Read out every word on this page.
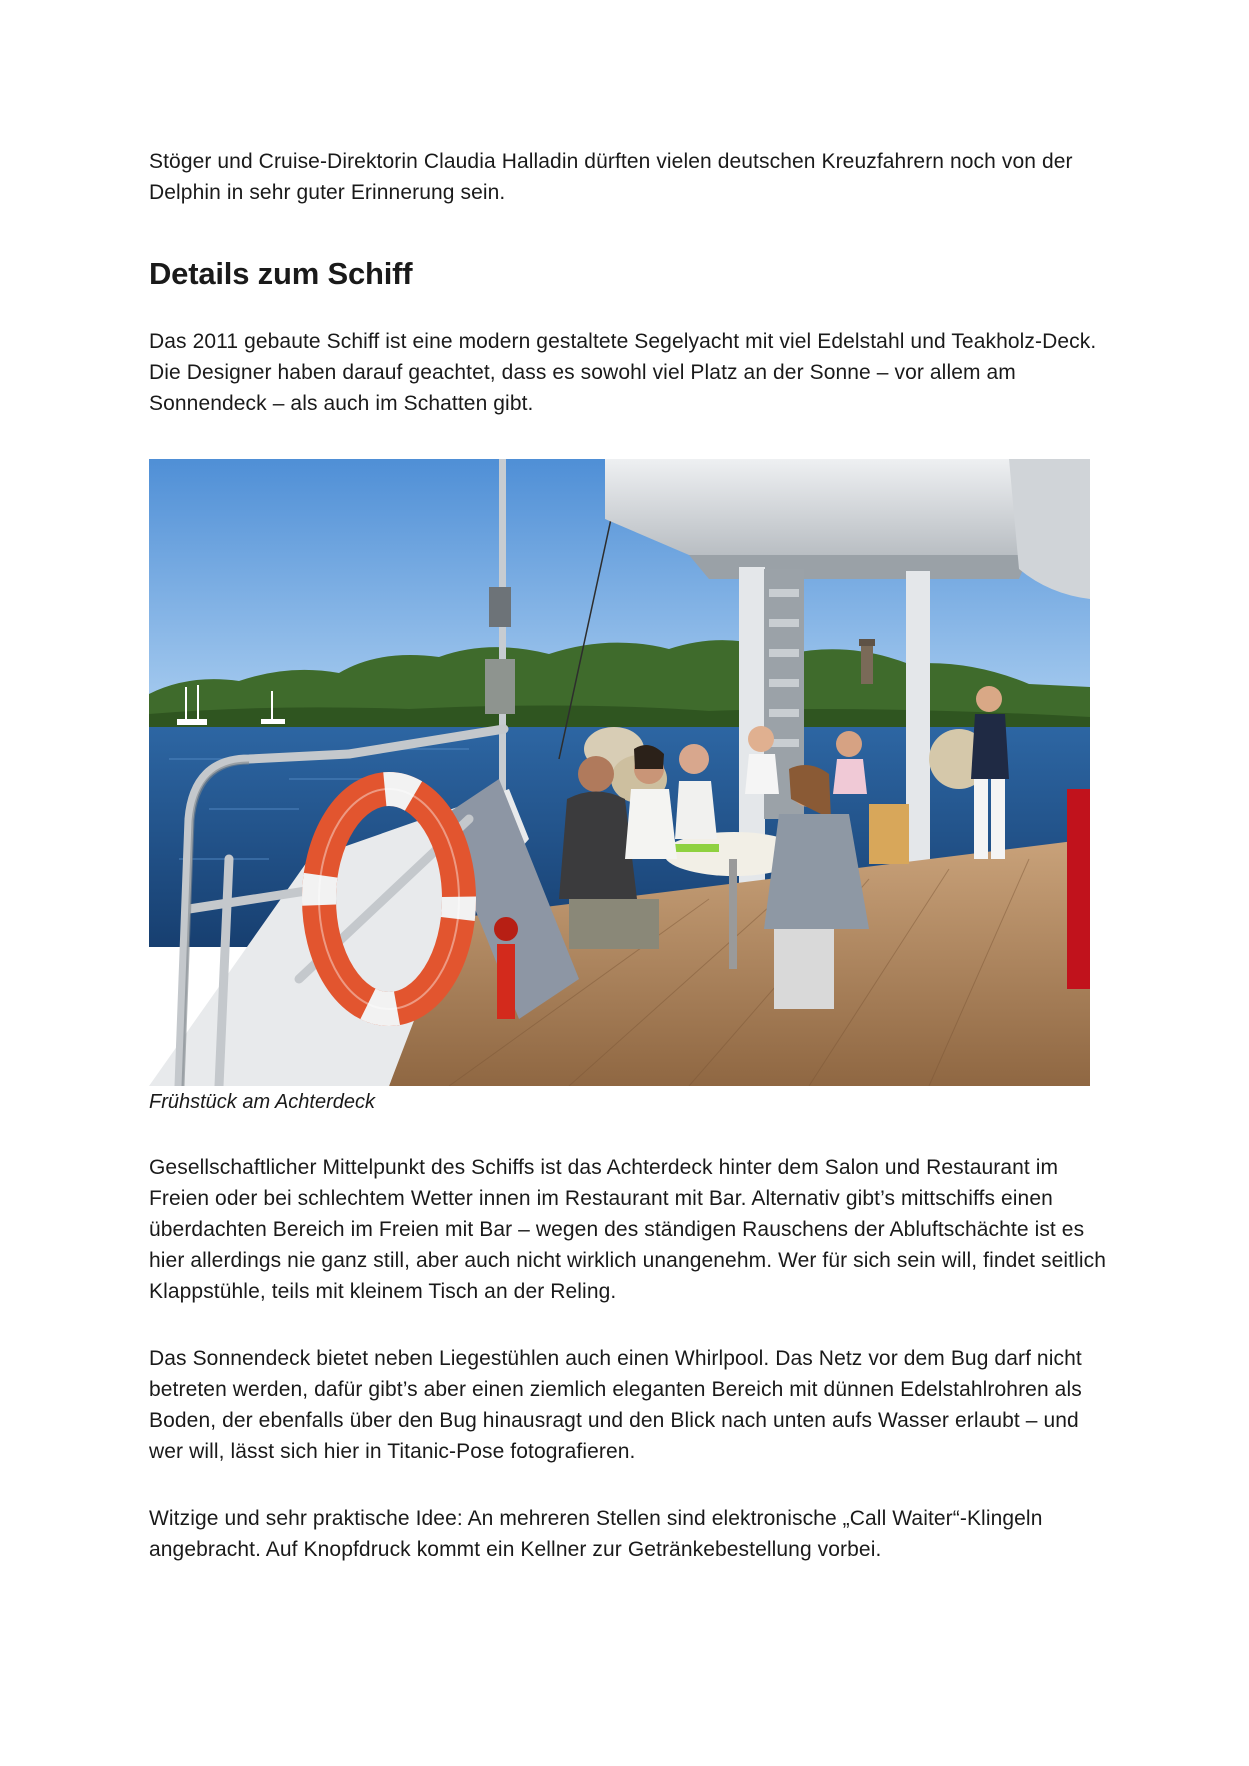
Stöger und Cruise-Direktorin Claudia Halladin dürften vielen deutschen Kreuzfahrern noch von der Delphin in sehr guter Erinnerung sein.

Details zum Schiff

Das 2011 gebaute Schiff ist eine modern gestaltete Segelyacht mit viel Edelstahl und Teakholz-Deck. Die Designer haben darauf geachtet, dass es sowohl viel Platz an der Sonne – vor allem am Sonnendeck – als auch im Schatten gibt.

Frühstück am Achterdeck

Gesellschaftlicher Mittelpunkt des Schiffs ist das Achterdeck hinter dem Salon und Restaurant im Freien oder bei schlechtem Wetter innen im Restaurant mit Bar. Alternativ gibt’s mittschiffs einen überdachten Bereich im Freien mit Bar – wegen des ständigen Rauschens der Abluftschächte ist es hier allerdings nie ganz still, aber auch nicht wirklich unangenehm. Wer für sich sein will, findet seitlich Klappstühle, teils mit kleinem Tisch an der Reling.

Das Sonnendeck bietet neben Liegestühlen auch einen Whirlpool. Das Netz vor dem Bug darf nicht betreten werden, dafür gibt’s aber einen ziemlich eleganten Bereich mit dünnen Edelstahlrohren als Boden, der ebenfalls über den Bug hinausragt und den Blick nach unten aufs Wasser erlaubt – und wer will, lässt sich hier in Titanic-Pose fotografieren.

Witzige und sehr praktische Idee: An mehreren Stellen sind elektronische „Call Waiter“-Klingeln angebracht. Auf Knopfdruck kommt ein Kellner zur Getränkebestellung vorbei.
